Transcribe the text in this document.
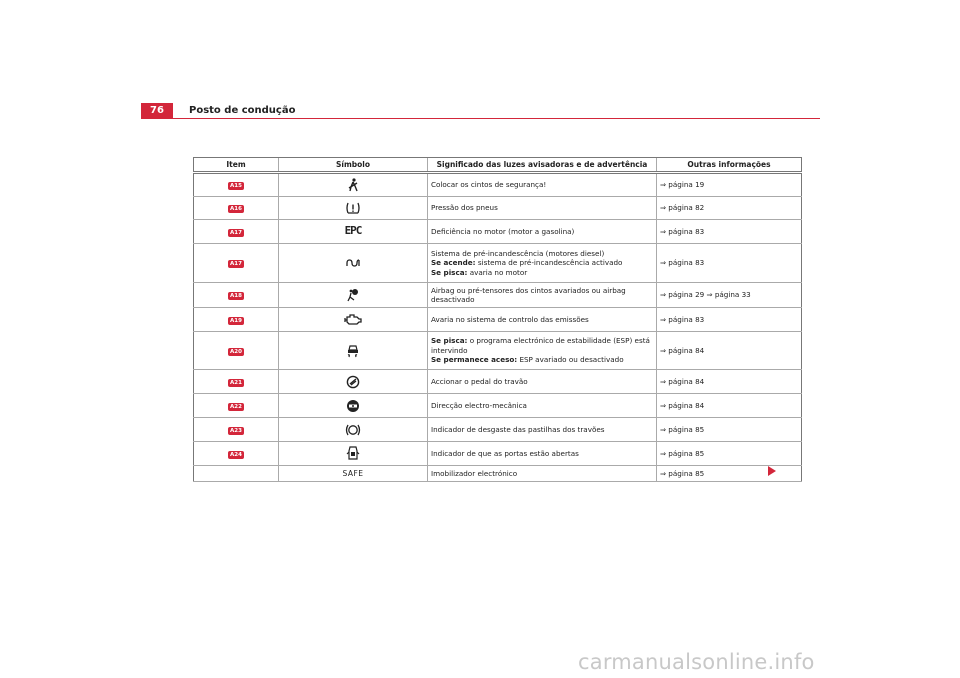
76	Posto de condução
Item	Símbolo	Significado das luzes avisadoras e de advertência	Outras informações
A15		Colocar os cintos de segurança!	⇒ página 19
A16		Pressão dos pneus	⇒ página 82
A17	EPC	Deficiência no motor (motor a gasolina)	⇒ página 83
A17		Sistema de pré-incandescência (motores diesel)
Se acende: sistema de pré-incandescência activado
Se pisca: avaria no motor	⇒ página 83
A18		Airbag ou pré-tensores dos cintos avariados ou airbag desactivado	⇒ página 29 ⇒ página 33
A19		Avaria no sistema de controlo das emissões	⇒ página 83
A20		Se pisca: o programa electrónico de estabilidade (ESP) está intervindo
Se permanece aceso: ESP avariado ou desactivado	⇒ página 84
A21		Accionar o pedal do travão	⇒ página 84
A22		Direcção electro-mecânica	⇒ página 84
A23		Indicador de desgaste das pastilhas dos travões	⇒ página 85
A24		Indicador de que as portas estão abertas	⇒ página 85
	SAFE	Imobilizador electrónico	⇒ página 85
carmanualsonline.info
